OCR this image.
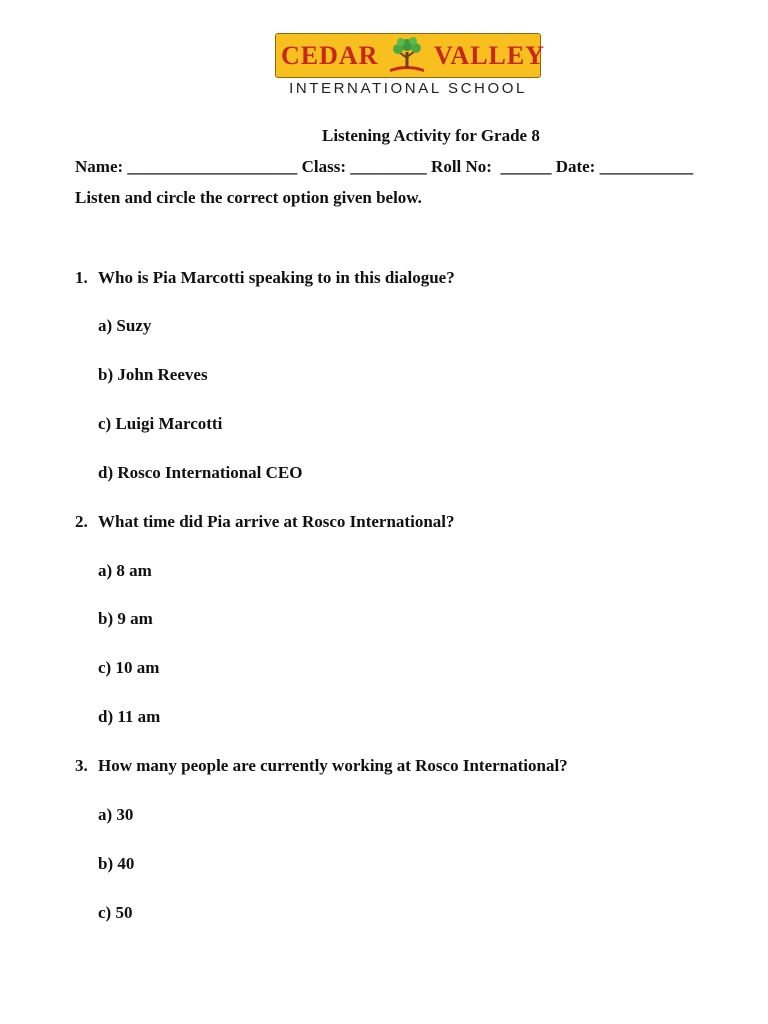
CEDAR VALLEY
INTERNATIONAL SCHOOL
Listening Activity for Grade 8
Name: ____________________ Class: _________ Roll No:  ______ Date: ___________
Listen and circle the correct option given below.
1. Who is Pia Marcotti speaking to in this dialogue?
a) Suzy
b) John Reeves
c) Luigi Marcotti
d) Rosco International CEO
2. What time did Pia arrive at Rosco International?
a) 8 am
b) 9 am
c) 10 am
d) 11 am
3. How many people are currently working at Rosco International?
a) 30
b) 40
c) 50
